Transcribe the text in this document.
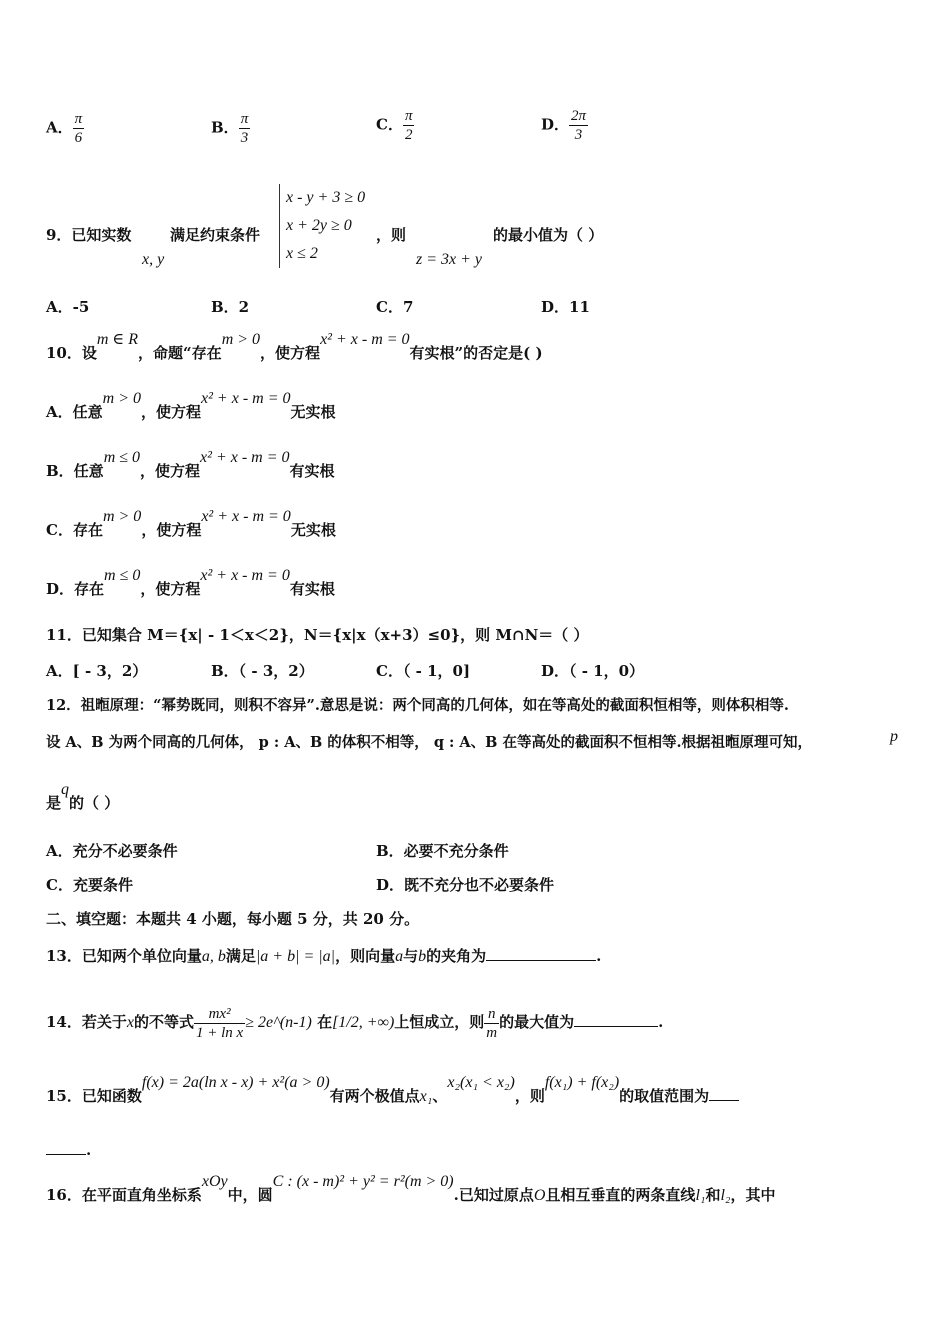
A． $\frac{\pi}{6}$	B． $\frac{\pi}{3}$	C． $\frac{\pi}{2}$	D． $\frac{2\pi}{3}$
9．已知实数
x, y
满足约束条件
x - y + 3 ≥ 0
x + 2y ≥ 0
x ≤ 2
，则
z = 3x + y
的最小值为（ ）
A．-5	B．2	C．7	D．11
10．设m ∈ R，命题“存在m > 0，使方程x² + x - m = 0有实根”的否定是( )
A．任意m > 0，使方程x² + x - m = 0无实根
B．任意m ≤ 0，使方程x² + x - m = 0有实根
C．存在m > 0，使方程x² + x - m = 0无实根
D．存在m ≤ 0，使方程x² + x - m = 0有实根
11．已知集合 M＝{x| - 1＜x＜2}，N＝{x|x（x+3）≤0}，则 M∩N＝（ ）
A．[ - 3，2）	B．（ - 3，2）	C．（ - 1，0]	D．（ - 1，0）
12．祖暅原理：“幂势既同，则积不容异”.意思是说：两个同高的几何体，如在等高处的截面积恒相等，则体积相等.
设 A、B 为两个同高的几何体， p : A、B 的体积不相等， q : A、B 在等高处的截面积不恒相等.根据祖暅原理可知，	p
是q的（ ）
A．充分不必要条件	B．必要不充分条件
C．充要条件	D．既不充分也不必要条件
二、填空题：本题共 4 小题，每小题 5 分，共 20 分。
13．已知两个单位向量a, b满足|a + b| = |a|，则向量a与b的夹角为	.
14．若关于x的不等式 $\frac{\text{mx²}}{\text{1 + ln x}}$ ≥ 2e^(n-1) 在[1/2, +∞)上恒成立，则 $\frac{n}{m}$ 的最大值为	.
15．已知函数f(x) = 2a(ln x - x) + x²(a > 0)有两个极值点x₁、x₂(x₁ < x₂)，则f(x₁) + f(x₂)的取值范围为
.
16．在平面直角坐标系xOy中，圆C : (x - m)² + y² = r²(m > 0).已知过原点O且相互垂直的两条直线l₁和l₂，其中
